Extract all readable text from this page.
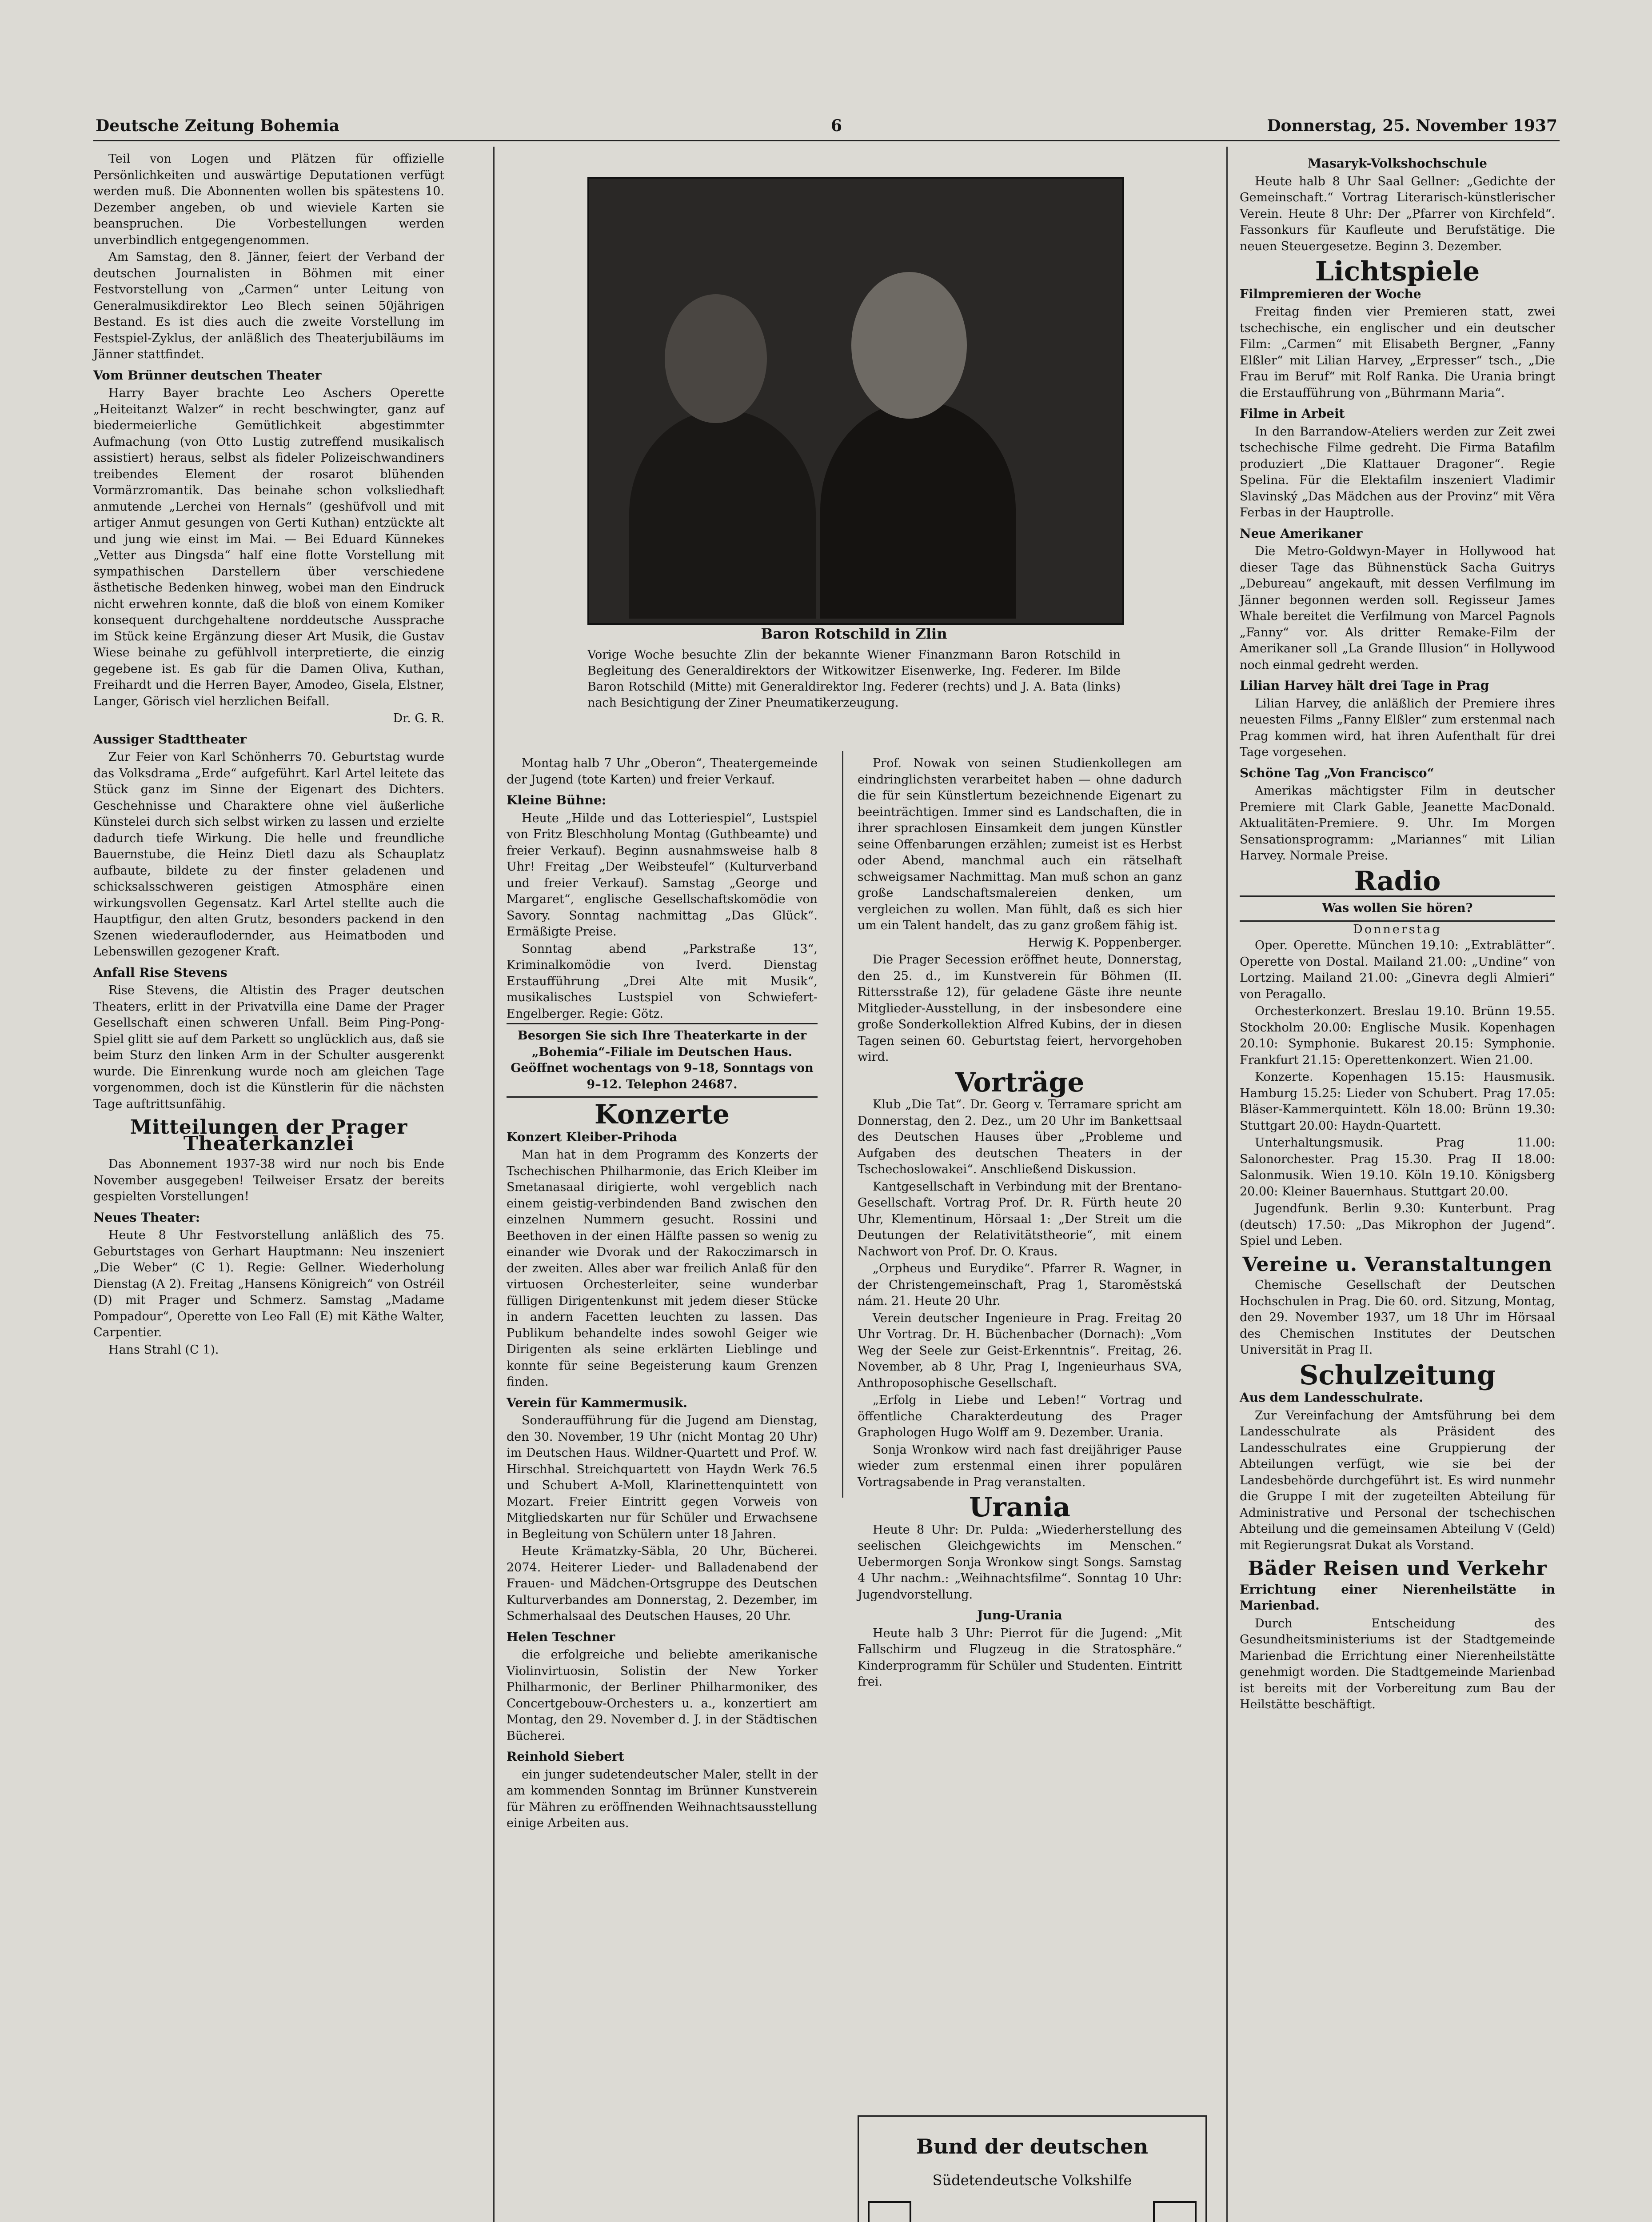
Deutsche Zeitung Bohemia	6	Donnerstag, 25. November 1937

Teil von Logen und Plätzen für offizielle Persönlichkeiten und auswärtige Deputationen verfügt werden muß. Die Abonnenten wollen bis spätestens 10. Dezember angeben, ob und wieviele Karten sie beanspruchen. Die Vorbestellungen werden unverbindlich entgegengenommen.

Am Samstag, den 8. Jänner, feiert der Verband der deutschen Journalisten in Böhmen mit einer Festvorstellung von „Carmen“ unter Leitung von Generalmusikdirektor Leo Blech seinen 50jährigen Bestand. Es ist dies auch die zweite Vorstellung im Festspiel-Zyklus, der anläßlich des Theaterjubiläums im Jänner stattfindet.

Vom Brünner deutschen Theater

Harry Bayer brachte Leo Aschers Operette „Heiteitanzt Walzer“ in recht beschwingter, ganz auf biedermeierliche Gemütlichkeit abgestimmter Aufmachung (von Otto Lustig zutreffend musikalisch assistiert) heraus, selbst als fideler Polizeischwandiners treibendes Element der rosarot blühenden Vormärzromantik. Das beinahe schon volksliedhaft anmutende „Lerchei von Hernals“ (geshüfvoll und mit artiger Anmut gesungen von Gerti Kuthan) entzückte alt und jung wie einst im Mai. — Bei Eduard Künnekes „Vetter aus Dingsda“ half eine flotte Vorstellung mit sympathischen Darstellern über verschiedene ästhetische Bedenken hinweg, wobei man den Eindruck nicht erwehren konnte, daß die bloß von einem Komiker konsequent durchgehaltene norddeutsche Aussprache im Stück keine Ergänzung dieser Art Musik, die Gustav Wiese beinahe zu gefühlvoll interpretierte, die einzig gegebene ist. Es gab für die Damen Oliva, Kuthan, Freihardt und die Herren Bayer, Amodeo, Gisela, Elstner, Langer, Görisch viel herzlichen Beifall.

Dr. G. R.

Aussiger Stadttheater

Zur Feier von Karl Schönherrs 70. Geburtstag wurde das Volksdrama „Erde“ aufgeführt. Karl Artel leitete das Stück ganz im Sinne der Eigenart des Dichters. Geschehnisse und Charaktere ohne viel äußerliche Künstelei durch sich selbst wirken zu lassen und erzielte dadurch tiefe Wirkung. Die helle und freundliche Bauernstube, die Heinz Dietl dazu als Schauplatz aufbaute, bildete zu der finster geladenen und schicksalsschweren geistigen Atmosphäre einen wirkungsvollen Gegensatz. Karl Artel stellte auch die Hauptfigur, den alten Grutz, besonders packend in den Szenen wiederauflodernder, aus Heimatboden und Lebenswillen gezogener Kraft.

Anfall Rise Stevens

Rise Stevens, die Altistin des Prager deutschen Theaters, erlitt in der Privatvilla eine Dame der Prager Gesellschaft einen schweren Unfall. Beim Ping-Pong-Spiel glitt sie auf dem Parkett so unglücklich aus, daß sie beim Sturz den linken Arm in der Schulter ausgerenkt wurde. Die Einrenkung wurde noch am gleichen Tage vorgenommen, doch ist die Künstlerin für die nächsten Tage auftrittsunfähig.

Mitteilungen der Prager Theaterkanzlei

Das Abonnement 1937-38 wird nur noch bis Ende November ausgegeben! Teilweiser Ersatz der bereits gespielten Vorstellungen!

Neues Theater:

Heute 8 Uhr Festvorstellung anläßlich des 75. Geburtstages von Gerhart Hauptmann: Neu inszeniert „Die Weber“ (C 1). Regie: Gellner. Wiederholung Dienstag (A 2). Freitag „Hansens Königreich“ von Ostréil (D) mit Prager und Schmerz. Samstag „Madame Pompadour“, Operette von Leo Fall (E) mit Käthe Walter, Carpentier.

Hans Strahl (C 1).

Baron Rotschild in Zlin
Vorige Woche besuchte Zlin der bekannte Wiener Finanzmann Baron Rotschild in Begleitung des Generaldirektors der Witkowitzer Eisenwerke, Ing. Federer. Im Bilde Baron Rotschild (Mitte) mit Generaldirektor Ing. Federer (rechts) und J. A. Bata (links) nach Besichtigung der Ziner Pneumatikerzeugung.

Montag halb 7 Uhr „Oberon“, Theatergemeinde der Jugend (tote Karten) und freier Verkauf.

Kleine Bühne:

Heute „Hilde und das Lotteriespiel“, Lustspiel von Fritz Bleschholung Montag (Guthbeamte) und freier Verkauf). Beginn ausnahmsweise halb 8 Uhr! Freitag „Der Weibsteufel“ (Kulturverband und freier Verkauf). Samstag „George und Margaret“, englische Gesellschaftskomödie von Savory. Sonntag nachmittag „Das Glück“. Ermäßigte Preise.

Sonntag abend „Parkstraße 13“, Kriminalkomödie von Iverd. Dienstag Erstaufführung „Drei Alte mit Musik“, musikalisches Lustspiel von Schwiefert-Engelberger. Regie: Götz.

Besorgen Sie sich Ihre Theaterkarte in der „Bohemia“-Filiale im Deutschen Haus. Geöffnet wochentags von 9–18, Sonntags von 9–12. Telephon 24687.
Konzerte
Konzert Kleiber-Prihoda

Man hat in dem Programm des Konzerts der Tschechischen Philharmonie, das Erich Kleiber im Smetanasaal dirigierte, wohl vergeblich nach einem geistig-verbindenden Band zwischen den einzelnen Nummern gesucht. Rossini und Beethoven in der einen Hälfte passen so wenig zu einander wie Dvorak und der Rakoczimarsch in der zweiten. Alles aber war freilich Anlaß für den virtuosen Orchesterleiter, seine wunderbar fülligen Dirigentenkunst mit jedem dieser Stücke in andern Facetten leuchten zu lassen. Das Publikum behandelte indes sowohl Geiger wie Dirigenten als seine erklärten Lieblinge und konnte für seine Begeisterung kaum Grenzen finden.

Verein für Kammermusik.

Sonderaufführung für die Jugend am Dienstag, den 30. November, 19 Uhr (nicht Montag 20 Uhr) im Deutschen Haus. Wildner-Quartett und Prof. W. Hirschhal. Streichquartett von Haydn Werk 76.5 und Schubert A-Moll, Klarinettenquintett von Mozart. Freier Eintritt gegen Vorweis von Mitgliedskarten nur für Schüler und Erwachsene in Begleitung von Schülern unter 18 Jahren.

Heute Krämatzky-Säbla, 20 Uhr, Bücherei. 2074. Heiterer Lieder- und Balladenabend der Frauen- und Mädchen-Ortsgruppe des Deutschen Kulturverbandes am Donnerstag, 2. Dezember, im Schmerhalsaal des Deutschen Hauses, 20 Uhr.

Helen Teschner

die erfolgreiche und beliebte amerikanische Violinvirtuosin, Solistin der New Yorker Philharmonic, der Berliner Philharmoniker, des Concertgebouw-Orchesters u. a., konzertiert am Montag, den 29. November d. J. in der Städtischen Bücherei.

Reinhold Siebert

ein junger sudetendeutscher Maler, stellt in der am kommenden Sonntag im Brünner Kunstverein für Mähren zu eröffnenden Weihnachtsausstellung einige Arbeiten aus.

Prof. Nowak von seinen Studienkollegen am eindringlichsten verarbeitet haben — ohne dadurch die für sein Künstlertum bezeichnende Eigenart zu beeinträchtigen. Immer sind es Landschaften, die in ihrer sprachlosen Einsamkeit dem jungen Künstler seine Offenbarungen erzählen; zumeist ist es Herbst oder Abend, manchmal auch ein rätselhaft schweigsamer Nachmittag. Man muß schon an ganz große Landschaftsmalereien denken, um vergleichen zu wollen. Man fühlt, daß es sich hier um ein Talent handelt, das zu ganz großem fähig ist.

Herwig K. Poppenberger.

Die Prager Secession eröffnet heute, Donnerstag, den 25. d., im Kunstverein für Böhmen (II. Rittersstraße 12), für geladene Gäste ihre neunte Mitglieder-Ausstellung, in der insbesondere eine große Sonderkollektion Alfred Kubins, der in diesen Tagen seinen 60. Geburtstag feiert, hervorgehoben wird.

Vorträge

Klub „Die Tat“. Dr. Georg v. Terramare spricht am Donnerstag, den 2. Dez., um 20 Uhr im Bankettsaal des Deutschen Hauses über „Probleme und Aufgaben des deutschen Theaters in der Tschechoslowakei“. Anschließend Diskussion.

Kantgesellschaft in Verbindung mit der Brentano-Gesellschaft. Vortrag Prof. Dr. R. Fürth heute 20 Uhr, Klementinum, Hörsaal 1: „Der Streit um die Deutungen der Relativitätstheorie“, mit einem Nachwort von Prof. Dr. O. Kraus.

„Orpheus und Eurydike“. Pfarrer R. Wagner, in der Christengemeinschaft, Prag 1, Staroměstská nám. 21. Heute 20 Uhr.

Verein deutscher Ingenieure in Prag. Freitag 20 Uhr Vortrag. Dr. H. Büchenbacher (Dornach): „Vom Weg der Seele zur Geist-Erkenntnis“. Freitag, 26. November, ab 8 Uhr, Prag I, Ingenieurhaus SVA, Anthroposophische Gesellschaft.

„Erfolg in Liebe und Leben!“ Vortrag und öffentliche Charakterdeutung des Prager Graphologen Hugo Wolff am 9. Dezember. Urania.

Sonja Wronkow wird nach fast dreijähriger Pause wieder zum erstenmal einen ihrer populären Vortragsabende in Prag veranstalten.

Urania

Heute 8 Uhr: Dr. Pulda: „Wiederherstellung des seelischen Gleichgewichts im Menschen.“ Uebermorgen Sonja Wronkow singt Songs. Samstag 4 Uhr nachm.: „Weihnachtsfilme“. Sonntag 10 Uhr: Jugendvorstellung.

Jung-Urania

Heute halb 3 Uhr: Pierrot für die Jugend: „Mit Fallschirm und Flugzeug in die Stratosphäre.“ Kinderprogramm für Schüler und Studenten. Eintritt frei.

Masaryk-Volkshochschule

Heute halb 8 Uhr Saal Gellner: „Gedichte der Gemeinschaft.“ Vortrag Literarisch-künstlerischer Verein. Heute 8 Uhr: Der „Pfarrer von Kirchfeld“. Fassonkurs für Kaufleute und Berufstätige. Die neuen Steuergesetze. Beginn 3. Dezember.

Lichtspiele
Filmpremieren der Woche

Freitag finden vier Premieren statt, zwei tschechische, ein englischer und ein deutscher Film: „Carmen“ mit Elisabeth Bergner, „Fanny Elßler“ mit Lilian Harvey, „Erpresser“ tsch., „Die Frau im Beruf“ mit Rolf Ranka. Die Urania bringt die Erstaufführung von „Bührmann Maria“.

Filme in Arbeit

In den Barrandow-Ateliers werden zur Zeit zwei tschechische Filme gedreht. Die Firma Batafilm produziert „Die Klattauer Dragoner“. Regie Spelina. Für die Elektafilm inszeniert Vladimir Slavinský „Das Mädchen aus der Provinz“ mit Věra Ferbas in der Hauptrolle.

Neue Amerikaner

Die Metro-Goldwyn-Mayer in Hollywood hat dieser Tage das Bühnenstück Sacha Guitrys „Debureau“ angekauft, mit dessen Verfilmung im Jänner begonnen werden soll. Regisseur James Whale bereitet die Verfilmung von Marcel Pagnols „Fanny“ vor. Als dritter Remake-Film der Amerikaner soll „La Grande Illusion“ in Hollywood noch einmal gedreht werden.

Lilian Harvey hält drei Tage in Prag

Lilian Harvey, die anläßlich der Premiere ihres neuesten Films „Fanny Elßler“ zum erstenmal nach Prag kommen wird, hat ihren Aufenthalt für drei Tage vorgesehen.

Schöne Tag „Von Francisco“

Amerikas mächtigster Film in deutscher Premiere mit Clark Gable, Jeanette MacDonald. Aktualitäten-Premiere. 9. Uhr. Im Morgen Sensationsprogramm: „Mariannes“ mit Lilian Harvey. Normale Preise.

Radio
Was wollen Sie hören?
Donnerstag

Oper. Operette. München 19.10: „Extrablätter“. Operette von Dostal. Mailand 21.00: „Undine“ von Lortzing. Mailand 21.00: „Ginevra degli Almieri“ von Peragallo.

Orchesterkonzert. Breslau 19.10. Brünn 19.55. Stockholm 20.00: Englische Musik. Kopenhagen 20.10: Symphonie. Bukarest 20.15: Symphonie. Frankfurt 21.15: Operettenkonzert. Wien 21.00.

Konzerte. Kopenhagen 15.15: Hausmusik. Hamburg 15.25: Lieder von Schubert. Prag 17.05: Bläser-Kammerquintett. Köln 18.00: Brünn 19.30: Stuttgart 20.00: Haydn-Quartett.

Unterhaltungsmusik. Prag 11.00: Salonorchester. Prag 15.30. Prag II 18.00: Salonmusik. Wien 19.10. Köln 19.10. Königsberg 20.00: Kleiner Bauernhaus. Stuttgart 20.00.

Jugendfunk. Berlin 9.30: Kunterbunt. Prag (deutsch) 17.50: „Das Mikrophon der Jugend“. Spiel und Leben.

Vereine u. Veranstaltungen

Chemische Gesellschaft der Deutschen Hochschulen in Prag. Die 60. ord. Sitzung, Montag, den 29. November 1937, um 18 Uhr im Hörsaal des Chemischen Institutes der Deutschen Universität in Prag II.

Schulzeitung
Aus dem Landesschulrate.

Zur Vereinfachung der Amtsführung bei dem Landesschulrate als Präsident des Landesschulrates eine Gruppierung der Abteilungen verfügt, wie sie bei der Landesbehörde durchgeführt ist. Es wird nunmehr die Gruppe I mit der zugeteilten Abteilung für Administrative und Personal der tschechischen Abteilung und die gemeinsamen Abteilung V (Geld) mit Regierungsrat Dukat als Vorstand.

Bäder Reisen und Verkehr
Errichtung einer Nierenheilstätte in Marienbad.

Durch Entscheidung des Gesundheitsministeriums ist der Stadtgemeinde Marienbad die Errichtung einer Nierenheilstätte genehmigt worden. Die Stadtgemeinde Marienbad ist bereits mit der Vorbereitung zum Bau der Heilstätte beschäftigt.

Bund der deutschen
Südetendeutsche Volkshilfe
